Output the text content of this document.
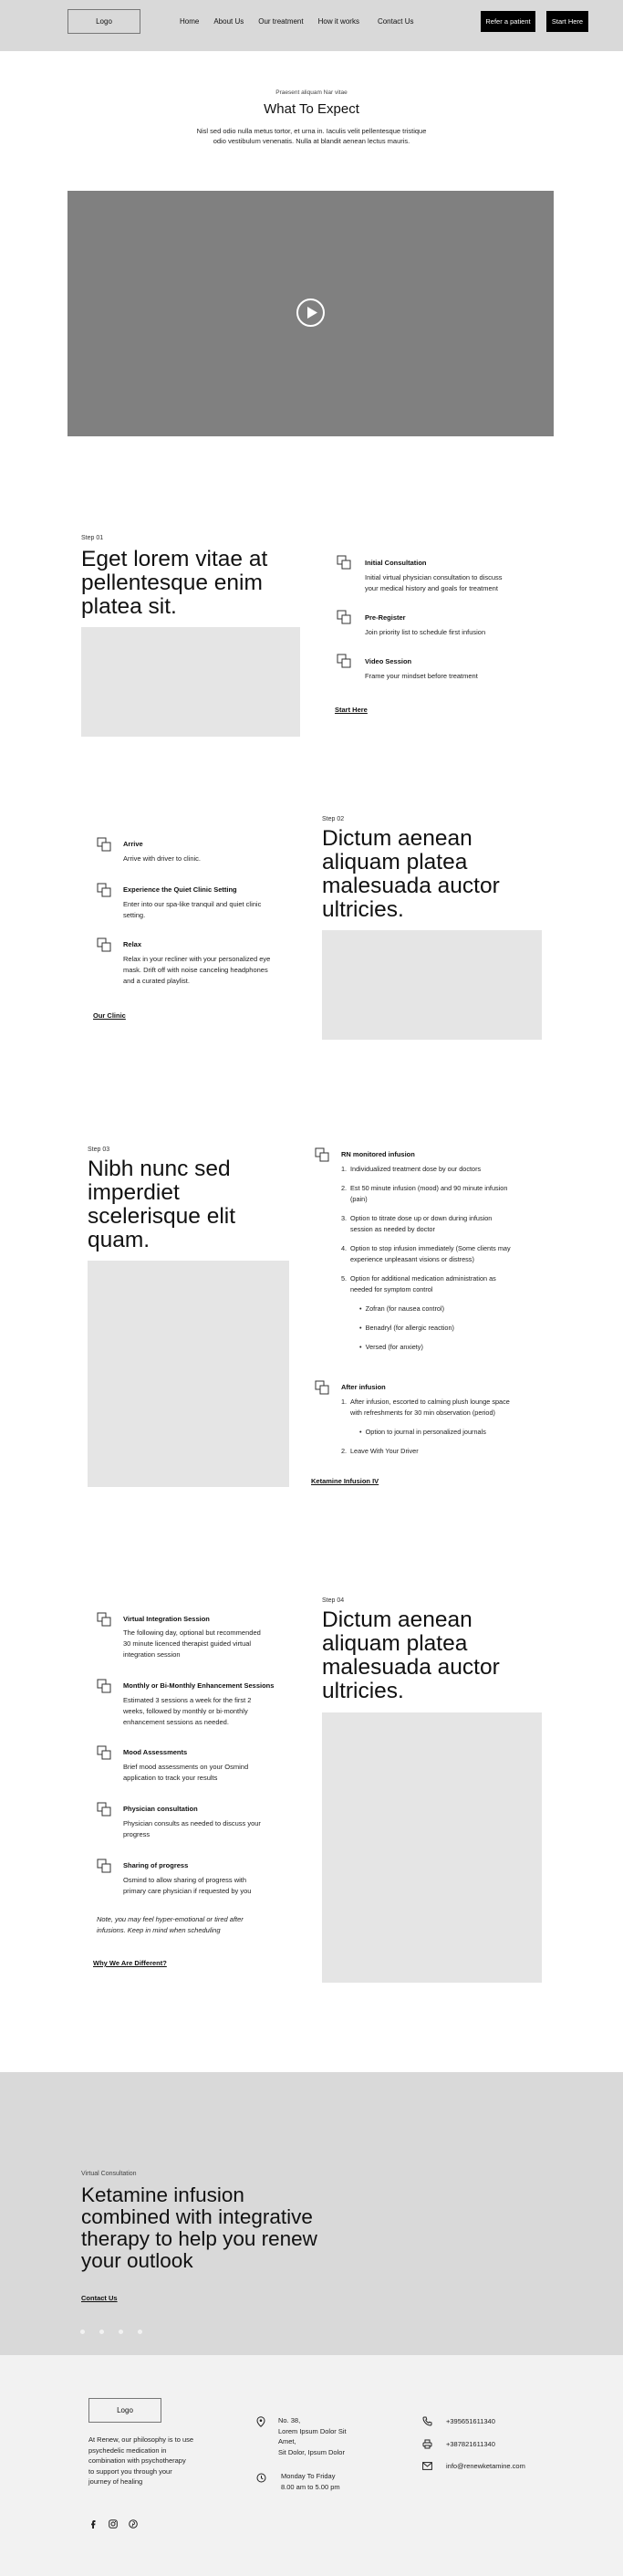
Logo	Home About Us Our treatment How it works	Contact Us	Refer a patient	Start Here
Praesent aliquam Nar vitae
What To Expect
Nisl sed odio nulla metus tortor, et urna in. Iaculis velit pellentesque tristique
odio vestibulum venenatis. Nulla at blandit aenean lectus mauris.
Step 01
Eget lorem vitae at
pellentesque enim
platea sit.
Initial Consultation
Initial virtual physician consultation to discuss
your medical history and goals for treatment
Pre-Register
Join priority list to schedule first infusion
Video Session
Frame your mindset before treatment
Start Here
Arrive
Arrive with driver to clinic.
Experience the Quiet Clinic Setting
Enter into our spa-like tranquil and quiet clinic
setting.
Relax
Relax in your recliner with your personalized eye
mask. Drift off with noise canceling headphones
and a curated playlist.
Our Clinic
Step 02
Dictum aenean
aliquam platea
malesuada auctor
ultricies.
Step 03
Nibh nunc sed
imperdiet
scelerisque elit
quam.
RN monitored infusion
1. Individualized treatment dose by our doctors
2. Est 50 minute infusion (mood) and 90 minute infusion
(pain)
3. Option to titrate dose up or down during infusion
session as needed by doctor
4. Option to stop infusion immediately (Some clients may
experience unpleasant visions or distress)
5. Option for additional medication administration as
needed for symptom control
•  Zofran (for nausea control)
•  Benadryl (for allergic reaction)
•  Versed (for anxiety)
After infusion
1. After infusion, escorted to calming plush lounge space
with refreshments for 30 min observation (period)
•  Option to journal in personalized journals
2. Leave With Your Driver
Ketamine Infusion IV
Virtual Integration Session
The following day, optional but recommended
30 minute licenced therapist guided virtual
integration session
Monthly or Bi-Monthly Enhancement Sessions
Estimated 3 sessions a week for the first 2
weeks, followed by monthly or bi-monthly
enhancement sessions as needed.
Mood Assessments
Brief mood assessments on your Osmind
application to track your results
Physician consultation
Physician consults as needed to discuss your
progress
Sharing of progress
Osmind to allow sharing of progress with
primary care physician if requested by you
Note, you may feel hyper-emotional or tired after
infusions. Keep in mind when scheduling
Why We Are Different?
Step 04
Dictum aenean
aliquam platea
malesuada auctor
ultricies.
Virtual Consultation
Ketamine infusion
combined with integrative
therapy to help you renew
your outlook
Contact Us
Logo
At Renew, our philosophy is to use
psychedelic medication in
combination with psychotherapy
to support you through your
journey of healing
No. 38,
Lorem Ipsum Dolor Sit
Amet,
Sit Dolor, Ipsum Dolor
Monday To Friday
8.00 am to 5.00 pm
+395651611340
+387821611340
info@renewketamine.com
